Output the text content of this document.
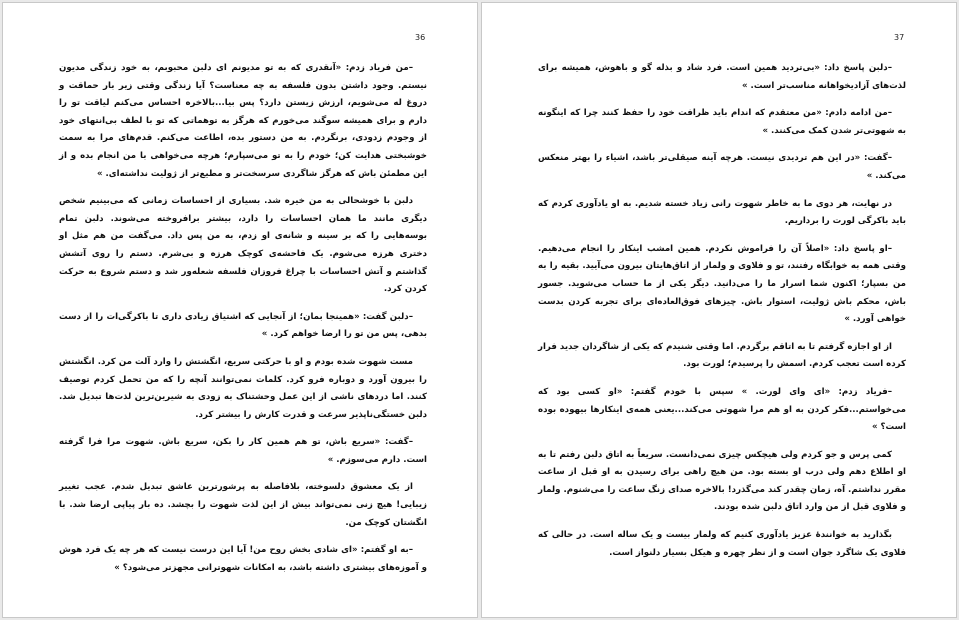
36

–من فریاد زدم: «آنقدری که به تو مدیونم ای دلبن محبوبم، به خود زندگی مدیون نیستم. وجود داشتن بدون فلسفه به چه معناست؟ آیا زندگی وقتی زیر بار حماقت و دروغ له می‌شویم، ارزش زیستن دارد؟ پس بیا...بالاخره احساس می‌کنم لیاقت تو را دارم و برای همیشه سوگند می‌خورم که هرگز به توهماتی که تو با لطف بی‌انتهای خود از وجودم زدودی، برنگردم. به من دستور بده، اطاعت می‌کنم. قدم‌های مرا به سمت خوشبختی هدایت کن؛ خودم را به تو می‌سپارم؛ هرچه می‌خواهی با من انجام بده و از این مطمئن باش که هرگز شاگردی سرسخت‌تر و مطیع‌تر از ژولیت نداشته‌ای. »

دلبن با خوشحالی به من خیره شد. بسیاری از احساسات زمانی که می‌بینیم شخص دیگری مانند ما همان احساسات را دارد، بیشتر برافروخته می‌شوند. دلبن تمام بوسه‌هایی را که بر سینه و شانه‌ی او زدم، به من پس داد. می‌گفت من هم مثل او دختری هرزه می‌شوم. یک فاحشه‌ی کوچک هرزه و بی‌شرم. دستم را روی آتشش گذاشتم و آتش احساسات با چراغ فروزان فلسفه شعله‌ور شد و دستم شروع به حرکت کردن کرد.

–دلبن گفت: «همینجا بمان؛ از آنجایی که اشتیاق زیادی داری تا باکرگی‌ات را از دست بدهی، پس من تو را ارضا خواهم کرد. »

مست شهوت شده بودم و او با حرکتی سریع، انگشتش را وارد آلت من کرد. انگشتش را بیرون آورد و دوباره فرو کرد. کلمات نمی‌توانند آنچه را که من تحمل کردم توصیف کنند. اما دردهای ناشی از این عمل وحشتناک به زودی به شیرین‌ترین لذت‌ها تبدیل شد. دلبن خستگی‌ناپذیر سرعت و قدرت کارش را بیشتر کرد.

–گفت: «سریع باش، تو هم همین کار را بکن، سریع باش. شهوت مرا فرا گرفته است. دارم می‌سوزم. »

از یک معشوق دلسوخته، بلافاصله به پرشورترین عاشق تبدیل شدم. عجب تغییر زیبایی! هیچ زنی نمی‌تواند بیش از این لذت شهوت را بچشد. ده بار پیاپی ارضا شد. با انگشتان کوچک من.

–به او گفتم: «ای شادی بخش روح من! آیا این درست نیست که هر چه یک فرد هوش و آموزه‌های بیشتری داشته باشد، به امکانات شهوترانی مجهزتر می‌شود؟ »

37

–دلبن پاسخ داد: «بی‌تردید همین است. فرد شاد و بذله گو و باهوش، همیشه برای لذت‌های آزادیخواهانه مناسب‌تر است. »

–من ادامه دادم: «من معتقدم که اندام باید ظرافت خود را حفظ کنند چرا که اینگونه به شهوتی‌تر شدن کمک می‌کنند. »

–گفت: «در این هم تردیدی نیست. هرچه آینه صیقلی‌تر باشد، اشیاء را بهتر منعکس می‌کند. »

در نهایت، هر دوی ما به خاطر شهوت رانی زیاد خسته شدیم. به او یادآوری کردم که باید باکرگی لورت را برداریم.

–او پاسخ داد: «اصلاً آن را فراموش نکردم. همین امشب اینکار را انجام می‌دهیم. وقتی همه به خوابگاه رفتند، تو و فلاوی و ولمار از اتاق‌هایتان بیرون می‌آیید. بقیه را به من بسپار؛ اکنون شما اسرار ما را می‌دانید. دیگر یکی از ما حساب می‌شوید. جسور باش، محکم باش ژولیت، استوار باش. چیزهای فوق‌العاده‌ای برای تجربه کردن بدست خواهی آورد. »

از او اجازه گرفتم تا به اتاقم برگردم. اما وقتی شنیدم که یکی از شاگردان جدید فرار کرده است تعجب کردم. اسمش را پرسیدم؛ لورت بود.

–فریاد زدم: «ای وای لورت. » سپس با خودم گفتم: «او کسی بود که می‌خواستم...فکر کردن به او هم مرا شهوتی می‌کند...یعنی همه‌ی اینکارها بیهوده بوده است؟ »

کمی پرس و جو کردم ولی هیچکس چیزی نمی‌دانست. سریعاً به اتاق دلبن رفتم تا به او اطلاع دهم ولی درب او بسته بود. من هیچ راهی برای رسیدن به او قبل از ساعت مقرر نداشتم. آه، زمان چقدر کند می‌گذرد! بالاخره صدای زنگ ساعت را می‌شنوم. ولمار و فلاوی قبل از من وارد اتاق دلبن شده بودند.

بگذارید به خوانندهٔ عزیز یادآوری کنیم که ولمار بیست و یک ساله است. در حالی که فلاوی یک شاگرد جوان است و از نظر چهره و هیکل بسیار دلنواز است.
